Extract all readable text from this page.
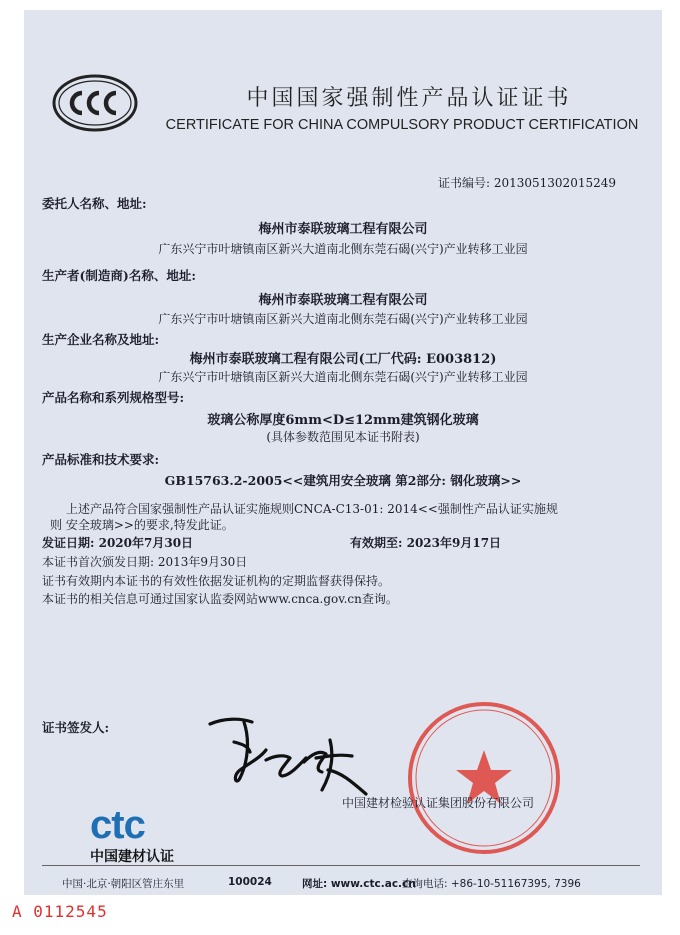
中国国家强制性产品认证证书
CERTIFICATE FOR CHINA COMPULSORY PRODUCT CERTIFICATION
证书编号: 2013051302015249
委托人名称、地址:
梅州市泰联玻璃工程有限公司
广东兴宁市叶塘镇南区新兴大道南北侧东莞石碣(兴宁)产业转移工业园
生产者(制造商)名称、地址:
梅州市泰联玻璃工程有限公司
广东兴宁市叶塘镇南区新兴大道南北侧东莞石碣(兴宁)产业转移工业园
生产企业名称及地址:
梅州市泰联玻璃工程有限公司(工厂代码: E003812)
广东兴宁市叶塘镇南区新兴大道南北侧东莞石碣(兴宁)产业转移工业园
产品名称和系列规格型号:
玻璃公称厚度6mm<D≤12mm建筑钢化玻璃
(具体参数范围见本证书附表)
产品标准和技术要求:
GB15763.2-2005<<建筑用安全玻璃 第2部分: 钢化玻璃>>
上述产品符合国家强制性产品认证实施规则CNCA-C13-01: 2014<<强制性产品认证实施规
则 安全玻璃>>的要求,特发此证。
发证日期: 2020年7月30日	有效期至: 2023年9月17日
本证书首次颁发日期: 2013年9月30日
证书有效期内本证书的有效性依据发证机构的定期监督获得保持。
本证书的相关信息可通过国家认监委网站www.cnca.gov.cn查询。
证书签发人:
中国建材检验认证集团股份有限公司
ctc
中国建材认证
中国·北京·朝阳区管庄东里	100024	网址: www.ctc.ac.cn
查询电话: +86-10-51167395, 7396
A 0112545
